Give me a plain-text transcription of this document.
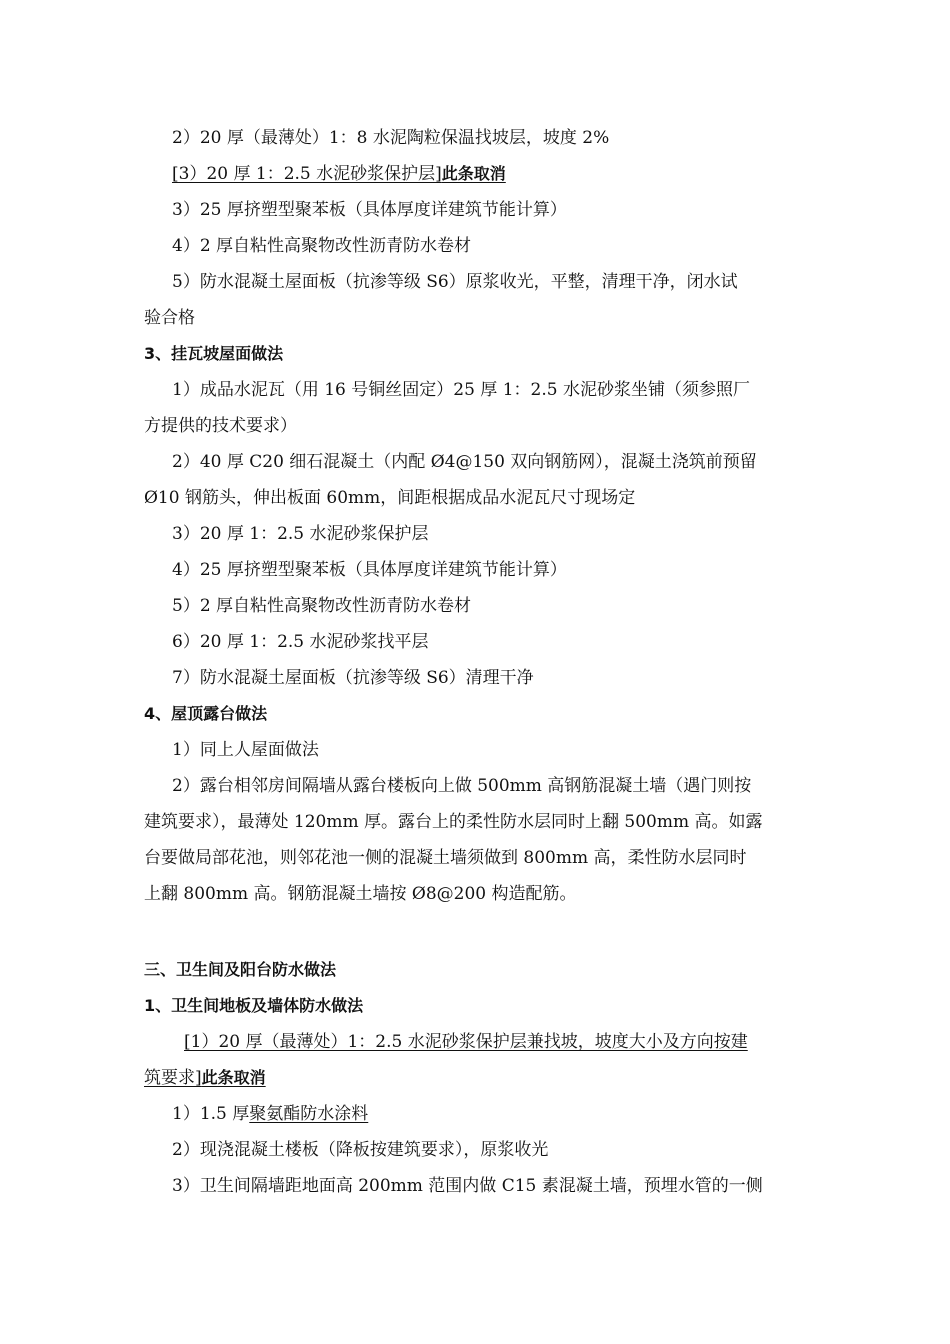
2）20 厚（最薄处）1：8 水泥陶粒保温找坡层，坡度 2%
[3）20 厚 1：2.5 水泥砂浆保护层]此条取消
3）25 厚挤塑型聚苯板（具体厚度详建筑节能计算）
4）2 厚自粘性高聚物改性沥青防水卷材
5）防水混凝土屋面板（抗渗等级 S6）原浆收光，平整，清理干净，闭水试
验合格
3、挂瓦坡屋面做法
1）成品水泥瓦（用 16 号铜丝固定）25 厚 1：2.5 水泥砂浆坐铺（须参照厂
方提供的技术要求）
2）40 厚 C20 细石混凝土（内配 Ø4@150 双向钢筋网），混凝土浇筑前预留
Ø10 钢筋头，伸出板面 60mm，间距根据成品水泥瓦尺寸现场定
3）20 厚 1：2.5 水泥砂浆保护层
4）25 厚挤塑型聚苯板（具体厚度详建筑节能计算）
5）2 厚自粘性高聚物改性沥青防水卷材
6）20 厚 1：2.5 水泥砂浆找平层
7）防水混凝土屋面板（抗渗等级 S6）清理干净
4、屋顶露台做法
1）同上人屋面做法
2）露台相邻房间隔墙从露台楼板向上做 500mm 高钢筋混凝土墙（遇门则按
建筑要求），最薄处 120mm 厚。露台上的柔性防水层同时上翻 500mm 高。如露
台要做局部花池，则邻花池一侧的混凝土墙须做到 800mm 高，柔性防水层同时
上翻 800mm 高。钢筋混凝土墙按 Ø8@200 构造配筋。
三、卫生间及阳台防水做法
1、卫生间地板及墙体防水做法
[1）20 厚（最薄处）1：2.5 水泥砂浆保护层兼找坡，坡度大小及方向按建
筑要求]此条取消
1）1.5 厚聚氨酯防水涂料
2）现浇混凝土楼板（降板按建筑要求），原浆收光
3）卫生间隔墙距地面高 200mm 范围内做 C15 素混凝土墙，预埋水管的一侧
